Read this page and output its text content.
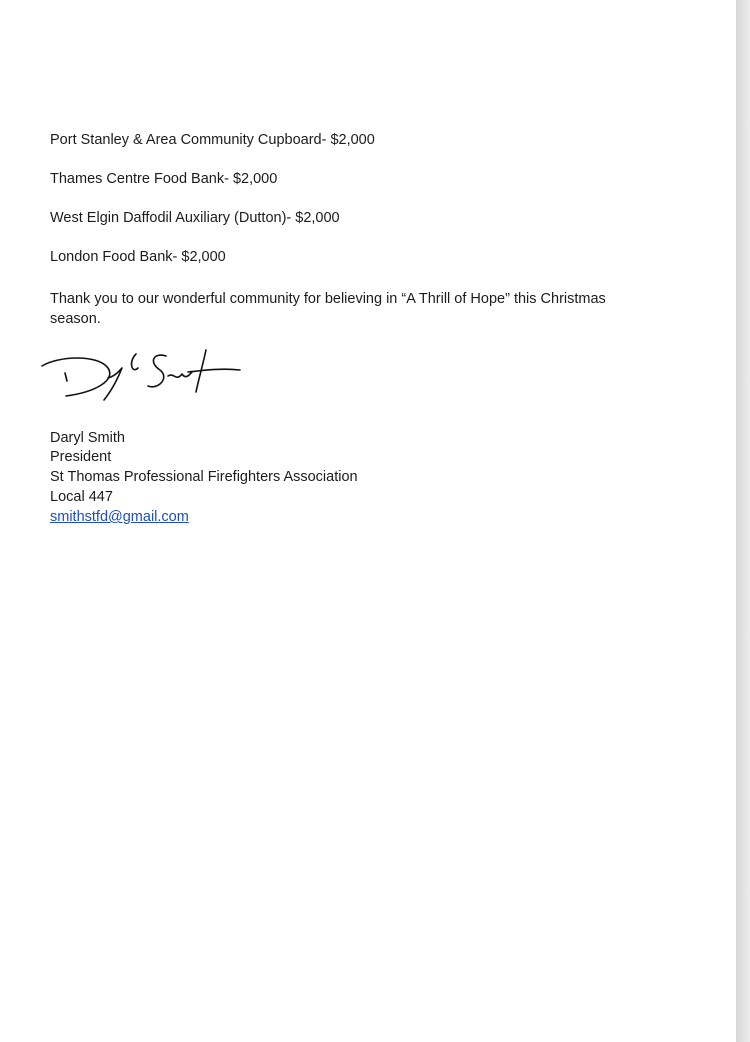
Port Stanley & Area Community Cupboard- $2,000
Thames Centre Food Bank- $2,000
West Elgin Daffodil Auxiliary (Dutton)- $2,000
London Food Bank- $2,000
Thank you to our wonderful community for believing in “A Thrill of Hope” this Christmas season.
Daryl Smith
President
St Thomas Professional Firefighters Association
Local 447
smithstfd@gmail.com
